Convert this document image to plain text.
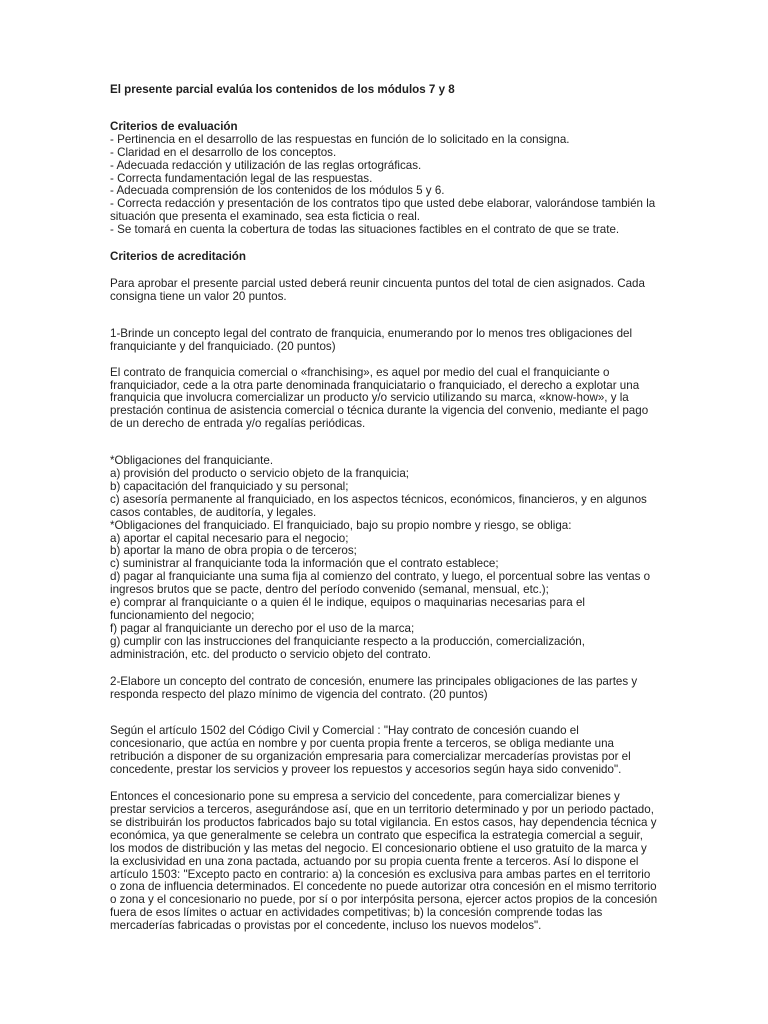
El presente parcial evalúa los contenidos de los módulos 7 y 8

Criterios de evaluación

- Pertinencia en el desarrollo de las respuestas en función de lo solicitado en la consigna.
- Claridad en el desarrollo de los conceptos.
- Adecuada redacción y utilización de las reglas ortográficas.
- Correcta fundamentación legal de las respuestas.
- Adecuada comprensión de los contenidos de los módulos 5 y 6.
- Correcta redacción y presentación de los contratos tipo que usted debe elaborar, valorándose también la
situación que presenta el examinado, sea esta ficticia o real.
- Se tomará en cuenta la cobertura de todas las situaciones factibles en el contrato de que se trate.

Criterios de acreditación

Para aprobar el presente parcial usted deberá reunir cincuenta puntos del total de cien asignados. Cada
consigna tiene un valor 20 puntos.

1-Brinde un concepto legal del contrato de franquicia, enumerando por lo menos tres obligaciones del
franquiciante y del franquiciado. (20 puntos)

El contrato de franquicia comercial o «franchising», es aquel por medio del cual el franquiciante o
franquiciador, cede a la otra parte denominada franquiciatario o franquiciado, el derecho a explotar una
franquicia que involucra comercializar un producto y/o servicio utilizando su marca, «know-how», y la
prestación continua de asistencia comercial o técnica durante la vigencia del convenio, mediante el pago
de un derecho de entrada y/o regalías periódicas.

*Obligaciones del franquiciante.
a) provisión del producto o servicio objeto de la franquicia;
b) capacitación del franquiciado y su personal;
c) asesoría permanente al franquiciado, en los aspectos técnicos, económicos, financieros, y en algunos
casos contables, de auditoría, y legales.
*Obligaciones del franquiciado. El franquiciado, bajo su propio nombre y riesgo, se obliga:
a) aportar el capital necesario para el negocio;
b) aportar la mano de obra propia o de terceros;
c) suministrar al franquiciante toda la información que el contrato establece;
d) pagar al franquiciante una suma fija al comienzo del contrato, y luego, el porcentual sobre las ventas o
ingresos brutos que se pacte, dentro del período convenido (semanal, mensual, etc.);
e) comprar al franquiciante o a quien él le indique, equipos o maquinarias necesarias para el
funcionamiento del negocio;
f) pagar al franquiciante un derecho por el uso de la marca;
g) cumplir con las instrucciones del franquiciante respecto a la producción, comercialización,
administración, etc. del producto o servicio objeto del contrato.

2-Elabore un concepto del contrato de concesión, enumere las principales obligaciones de las partes y
responda respecto del plazo mínimo de vigencia del contrato. (20 puntos)

Según el artículo 1502 del Código Civil y Comercial : "Hay contrato de concesión cuando el
concesionario, que actúa en nombre y por cuenta propia frente a terceros, se obliga mediante una
retribución a disponer de su organización empresaria para comercializar mercaderías provistas por el
concedente, prestar los servicios y proveer los repuestos y accesorios según haya sido convenido".

Entonces el concesionario pone su empresa a servicio del concedente, para comercializar bienes y
prestar servicios a terceros, asegurándose así, que en un territorio determinado y por un periodo pactado,
se distribuirán los productos fabricados bajo su total vigilancia. En estos casos, hay dependencia técnica y
económica, ya que generalmente se celebra un contrato que especifica la estrategia comercial a seguir,
los modos de distribución y las metas del negocio. El concesionario obtiene el uso gratuito de la marca y
la exclusividad en una zona pactada, actuando por su propia cuenta frente a terceros. Así lo dispone el
artículo 1503: "Excepto pacto en contrario: a) la concesión es exclusiva para ambas partes en el territorio
o zona de influencia determinados. El concedente no puede autorizar otra concesión en el mismo territorio
o zona y el concesionario no puede, por sí o por interpósita persona, ejercer actos propios de la concesión
fuera de esos límites o actuar en actividades competitivas; b) la concesión comprende todas las
mercaderías fabricadas o provistas por el concedente, incluso los nuevos modelos".
